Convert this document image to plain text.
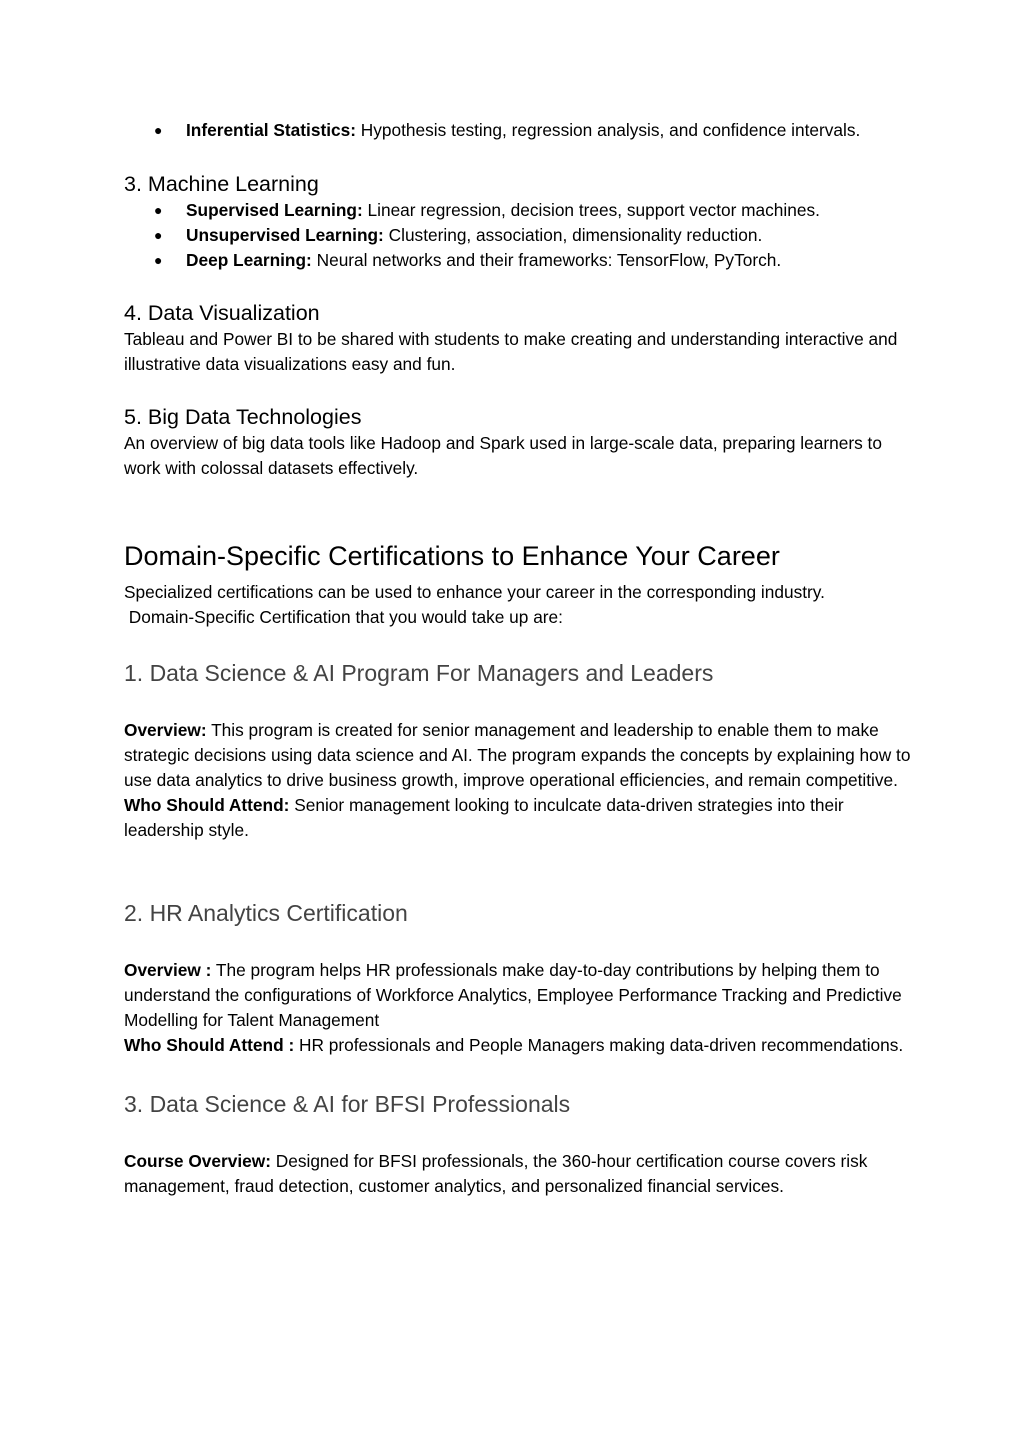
● Inferential Statistics: Hypothesis testing, regression analysis, and confidence intervals.
3. Machine Learning
● Supervised Learning: Linear regression, decision trees, support vector machines.
● Unsupervised Learning: Clustering, association, dimensionality reduction.
● Deep Learning: Neural networks and their frameworks: TensorFlow, PyTorch.
4. Data Visualization

Tableau and Power BI to be shared with students to make creating and understanding interactive and illustrative data visualizations easy and fun.

5. Big Data Technologies

An overview of big data tools like Hadoop and Spark used in large-scale data, preparing learners to work with colossal datasets effectively.

Domain-Specific Certifications to Enhance Your Career

Specialized certifications can be used to enhance your career in the corresponding industry.
Domain-Specific Certification that you would take up are:

1. Data Science & AI Program For Managers and Leaders

Overview: This program is created for senior management and leadership to enable them to make strategic decisions using data science and AI. The program expands the concepts by explaining how to use data analytics to drive business growth, improve operational efficiencies, and remain competitive.

Who Should Attend: Senior management looking to inculcate data-driven strategies into their leadership style.

2. HR Analytics Certification

Overview : The program helps HR professionals make day-to-day contributions by helping them to understand the configurations of Workforce Analytics, Employee Performance Tracking and Predictive Modelling for Talent Management

Who Should Attend : HR professionals and People Managers making data-driven recommendations.

3. Data Science & AI for BFSI Professionals

Course Overview: Designed for BFSI professionals, the 360-hour certification course covers risk management, fraud detection, customer analytics, and personalized financial services.
